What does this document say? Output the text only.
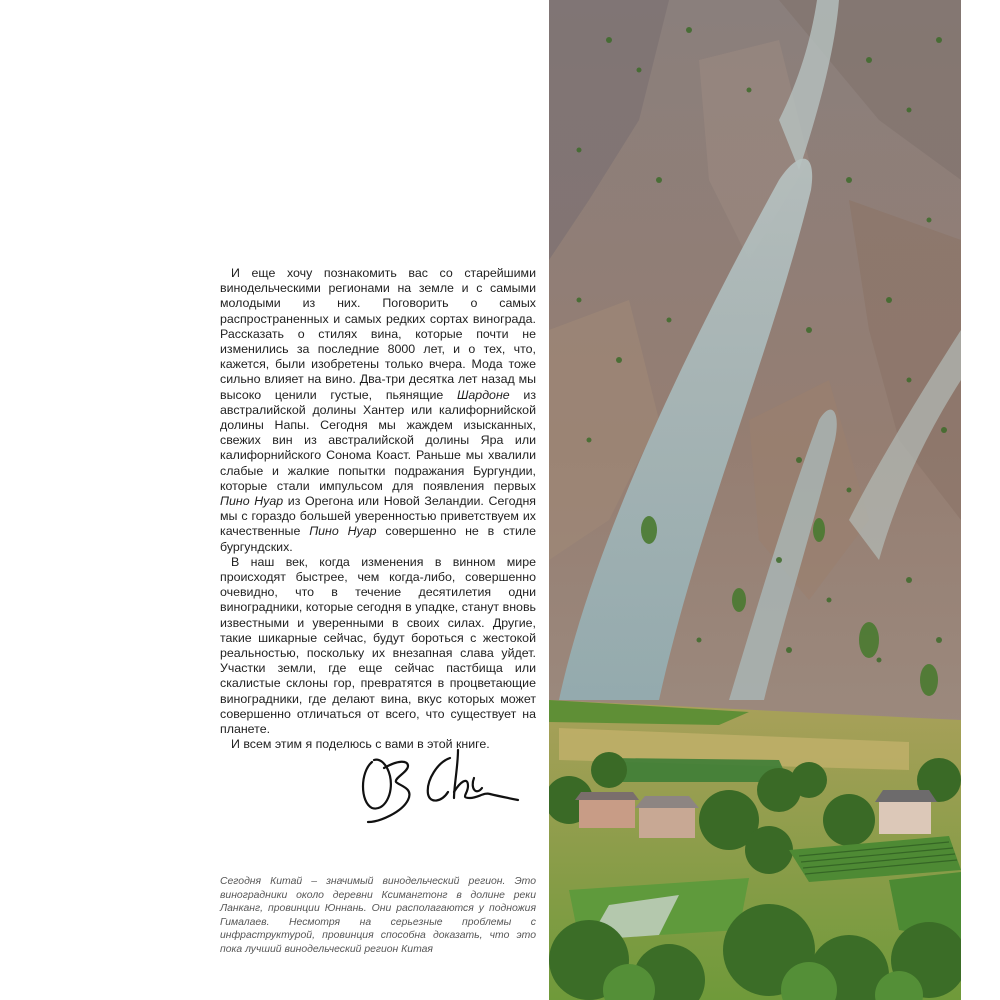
И еще хочу познакомить вас со старейшими винодельческими регионами на земле и с самыми молодыми из них. Поговорить о самых распространенных и самых редких сортах винограда. Рассказать о стилях вина, которые почти не изменились за последние 8000 лет, и о тех, что, кажется, были изобретены только вчера. Мода тоже сильно влияет на вино. Два-три десятка лет назад мы высоко ценили густые, пьянящие Шардоне из австралийской долины Хантер или калифорнийской долины Напы. Сегодня мы жаждем изысканных, свежих вин из австралийской долины Яра или калифорнийского Сонома Коаст. Раньше мы хвалили слабые и жалкие попытки подражания Бургундии, которые стали импульсом для появления первых Пино Нуар из Орегона или Новой Зеландии. Сегодня мы с гораздо большей уверенностью приветствуем их качественные Пино Нуар совершенно не в стиле бургундских.

В наш век, когда изменения в винном мире происходят быстрее, чем когда-либо, совершенно очевидно, что в течение десятилетия одни виноградники, которые сегодня в упадке, станут вновь известными и уверенными в своих силах. Другие, такие шикарные сейчас, будут бороться с жестокой реальностью, поскольку их внезапная слава уйдет. Участки земли, где еще сейчас пастбища или скалистые склоны гор, превратятся в процветающие виноградники, где делают вина, вкус которых может совершенно отличаться от всего, что существует на планете.

И всем этим я поделюсь с вами в этой книге.

Сегодня Китай – значимый винодельческий регион. Это виноградники около деревни Ксимангтонг в долине реки Ланканг, провинции Юннань. Они располагаются у подножия Гималаев. Несмотря на серьезные проблемы с инфраструктурой, провинция способна доказать, что это пока лучший винодельческий регион Китая
